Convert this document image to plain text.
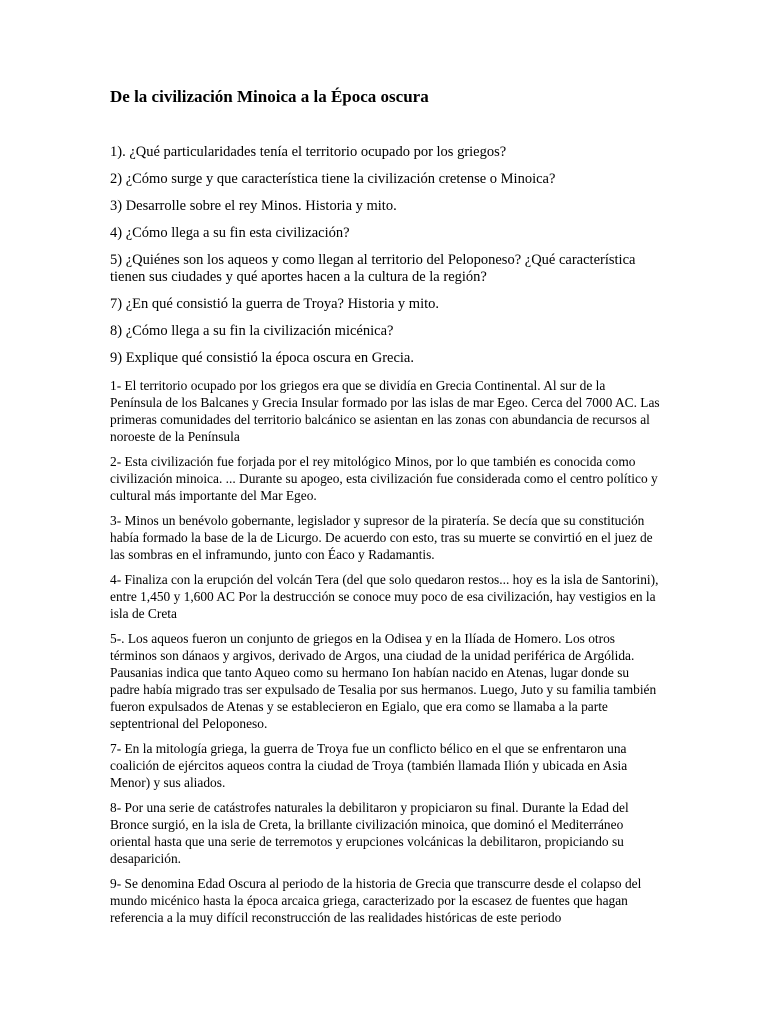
De la civilización Minoica a la Época oscura

1). ¿Qué particularidades tenía el territorio ocupado por los griegos?

2) ¿Cómo surge y que característica tiene la civilización cretense o Minoica?

3) Desarrolle sobre el rey Minos. Historia y mito.

4) ¿Cómo llega a su fin esta civilización?

5) ¿Quiénes son los aqueos y como llegan al territorio del Peloponeso? ¿Qué característica tienen sus ciudades y qué aportes hacen a la cultura de la región?

7) ¿En qué consistió la guerra de Troya? Historia y mito.

8) ¿Cómo llega a su fin la civilización micénica?

9) Explique qué consistió la época oscura en Grecia.

1- El territorio ocupado por los griegos era que se dividía en Grecia Continental. Al sur de la Península de los Balcanes y Grecia Insular formado por las islas de mar Egeo. Cerca del 7000 AC. Las primeras comunidades del territorio balcánico se asientan en las zonas con abundancia de recursos al noroeste de la Península

2- Esta civilización fue forjada por el rey mitológico Minos, por lo que también es conocida como civilización minoica. ... Durante su apogeo, esta civilización fue considerada como el centro político y cultural más importante del Mar Egeo.

3- Minos un benévolo gobernante, legislador y supresor de la piratería. Se decía que su constitución había formado la base de la de Licurgo. De acuerdo con esto, tras su muerte se convirtió en el juez de las sombras en el inframundo, junto con Éaco y Radamantis.

4- Finaliza con la erupción del volcán Tera (del que solo quedaron restos... hoy es la isla de Santorini), entre 1,450 y 1,600 AC Por la destrucción se conoce muy poco de esa civilización, hay vestigios en la isla de Creta

5-. Los aqueos fueron un conjunto de griegos en la Odisea y en la Ilíada de Homero. Los otros términos son dánaos y argivos, derivado de Argos, una ciudad de la unidad periférica de Argólida. Pausanias indica que tanto Aqueo como su hermano Ion habían nacido en Atenas, lugar donde su padre había migrado tras ser expulsado de Tesalia por sus hermanos. Luego, Juto y su familia también fueron expulsados de Atenas y se establecieron en Egialo, que era como se llamaba a la parte septentrional del Peloponeso.

7- En la mitología griega, la guerra de Troya fue un conflicto bélico en el que se enfrentaron una coalición de ejércitos aqueos contra la ciudad de Troya (también llamada Ilión y ubicada en Asia Menor) y sus aliados.

8- Por una serie de catástrofes naturales la debilitaron y propiciaron su final. Durante la Edad del Bronce surgió, en la isla de Creta, la brillante civilización minoica, que dominó el Mediterráneo oriental hasta que una serie de terremotos y erupciones volcánicas la debilitaron, propiciando su desaparición.

9- Se denomina Edad Oscura al periodo de la historia de Grecia que transcurre desde el colapso del mundo micénico hasta la época arcaica griega, caracterizado por la escasez de fuentes que hagan referencia a la muy difícil reconstrucción de las realidades históricas de este periodo
